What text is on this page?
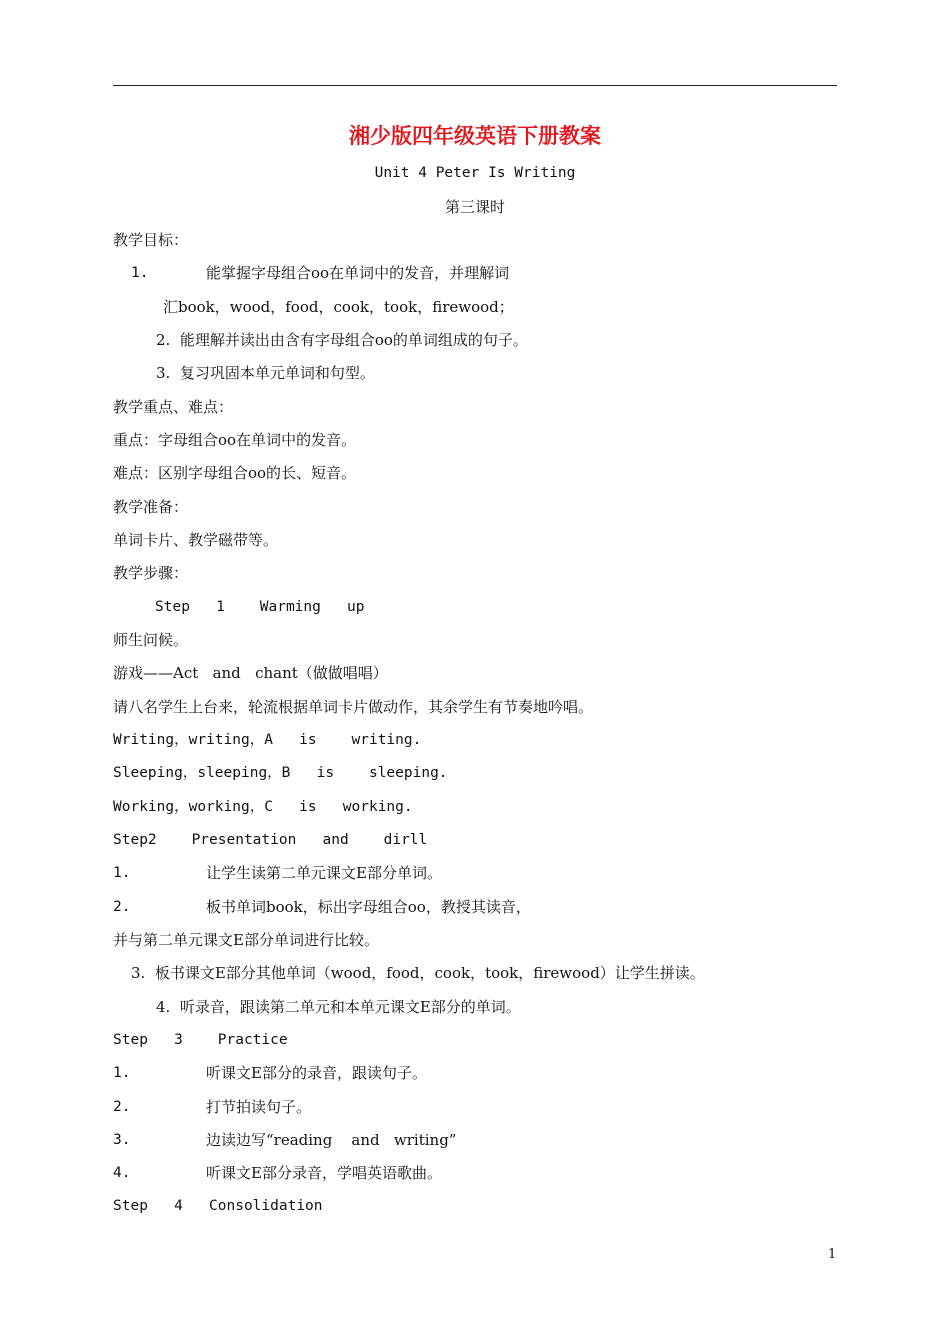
湘少版四年级英语下册教案
Unit 4 Peter Is Writing
第三课时
教学目标：
1.	能掌握字母组合oo在单词中的发音，并理解词
汇book，wood，food，cook，took，firewood；
2.  能理解并读出由含有字母组合oo的单词组成的句子。
3.  复习巩固本单元单词和句型。
教学重点、难点：
重点：字母组合oo在单词中的发音。
难点：区别字母组合oo的长、短音。
教学准备：
单词卡片、教学磁带等。
教学步骤：
Step   1    Warming   up
师生问候。
游戏——Act   and   chant（做做唱唱）
请八名学生上台来，轮流根据单词卡片做动作，其余学生有节奏地吟唱。
Writing，writing，A   is    writing.
Sleeping，sleeping，B   is    sleeping.
Working，working，C   is   working.
Step2    Presentation   and    dirll
1.	让学生读第二单元课文E部分单词。
2.	板书单词book，标出字母组合oo，教授其读音，
并与第二单元课文E部分单词进行比较。
3.  板书课文E部分其他单词（wood，food，cook，took，firewood）让学生拼读。
4.  听录音，跟读第二单元和本单元课文E部分的单词。
Step   3    Practice
1.	听课文E部分的录音，跟读句子。
2.	打节拍读句子。
3.	边读边写“reading    and   writing”
4.	听课文E部分录音，学唱英语歌曲。
Step   4   Consolidation
1
